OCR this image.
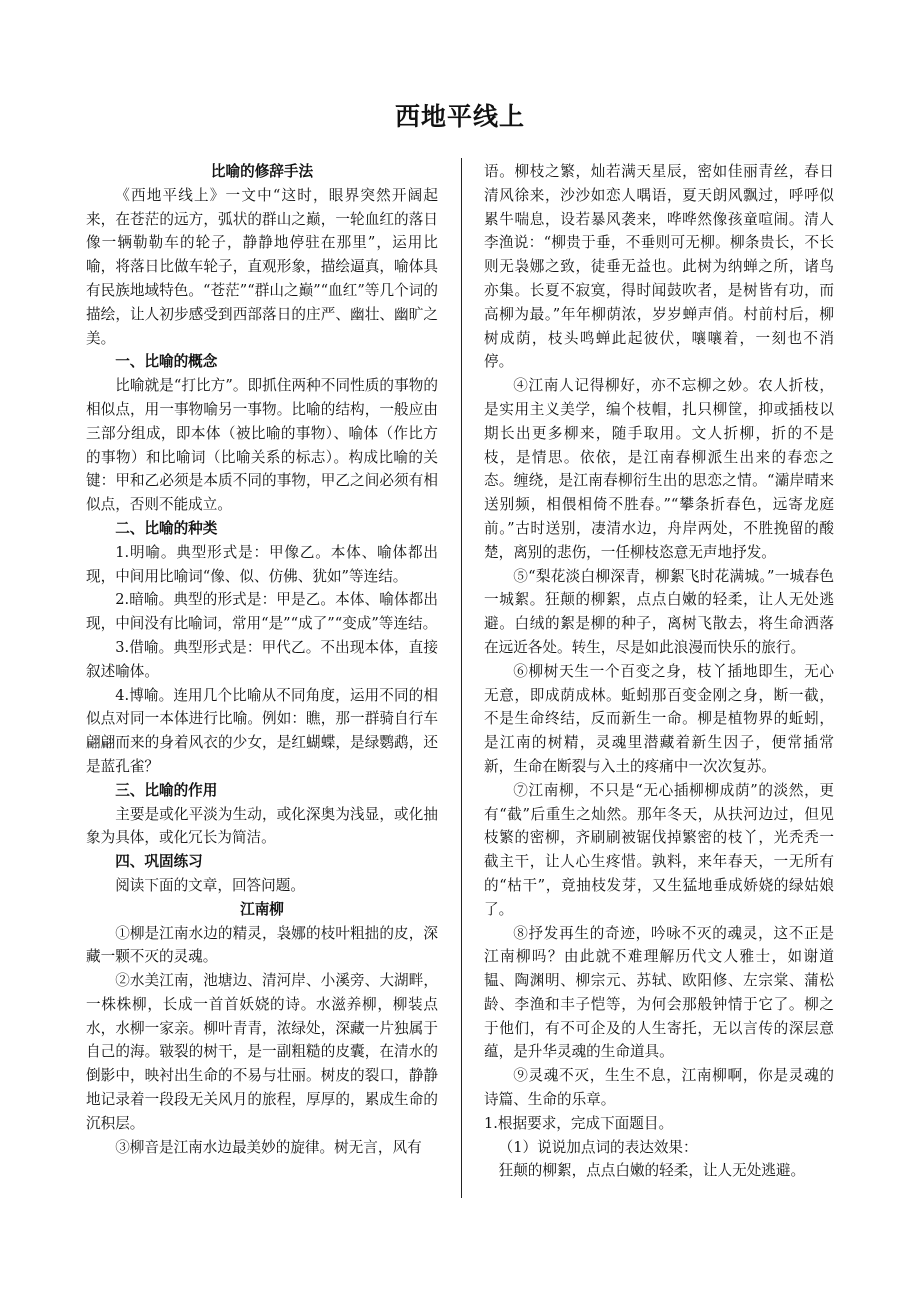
西地平线上

比喻的修辞手法

《西地平线上》一文中“这时，眼界突然开阔起来，在苍茫的远方，弧状的群山之巅，一轮血红的落日像一辆勒勒车的轮子，静静地停驻在那里”，运用比喻，将落日比做车轮子，直观形象，描绘逼真，喻体具有民族地域特色。“苍茫”“群山之巅”“血红”等几个词的描绘，让人初步感受到西部落日的庄严、幽壮、幽旷之美。

一、比喻的概念

比喻就是“打比方”。即抓住两种不同性质的事物的相似点，用一事物喻另一事物。比喻的结构，一般应由三部分组成，即本体（被比喻的事物）、喻体（作比方的事物）和比喻词（比喻关系的标志）。构成比喻的关键：甲和乙必须是本质不同的事物，甲乙之间必须有相似点，否则不能成立。

二、比喻的种类

1.明喻。典型形式是：甲像乙。本体、喻体都出现，中间用比喻词“像、似、仿佛、犹如”等连结。

2.暗喻。典型的形式是：甲是乙。本体、喻体都出现，中间没有比喻词，常用“是”“成了”“变成”等连结。

3.借喻。典型形式是：甲代乙。不出现本体，直接叙述喻体。

4.博喻。连用几个比喻从不同角度，运用不同的相似点对同一本体进行比喻。例如：瞧，那一群骑自行车翩翩而来的身着风衣的少女，是红蝴蝶，是绿鹦鹉，还是蓝孔雀？

三、比喻的作用

主要是或化平淡为生动，或化深奥为浅显，或化抽象为具体，或化冗长为简洁。

四、巩固练习

阅读下面的文章，回答问题。

江南柳

①柳是江南水边的精灵，袅娜的枝叶粗拙的皮，深藏一颗不灭的灵魂。

②水美江南，池塘边、清河岸、小溪旁、大湖畔，一株株柳，长成一首首妖娆的诗。水滋养柳，柳装点水，水柳一家亲。柳叶青青，浓绿处，深藏一片独属于自己的海。皲裂的树干，是一副粗糙的皮囊，在清水的倒影中，映衬出生命的不易与壮丽。树皮的裂口，静静地记录着一段段无关风月的旅程，厚厚的，累成生命的沉积层。

③柳音是江南水边最美妙的旋律。树无言，风有

语。柳枝之繁，灿若满天星辰，密如佳丽青丝，春日清风徐来，沙沙如恋人喁语，夏天朗风飘过，呼呼似累牛喘息，设若暴风袭来，哗哗然像孩童喧闹。清人李渔说：“柳贵于垂，不垂则可无柳。柳条贵长，不长则无袅娜之致，徒垂无益也。此树为纳蝉之所，诸鸟亦集。长夏不寂寞，得时闻鼓吹者，是树皆有功，而高柳为最。”年年柳荫浓，岁岁蝉声俏。村前村后，柳树成荫，枝头鸣蝉此起彼伏，嚷嚷着，一刻也不消停。

④江南人记得柳好，亦不忘柳之妙。农人折枝，是实用主义美学，编个枝帽，扎只柳筐，抑或插枝以期长出更多柳来，随手取用。文人折柳，折的不是枝，是情思。依依，是江南春柳派生出来的春恋之态。缠绕，是江南春柳衍生出的思恋之情。“灞岸晴来送别频，相偎相倚不胜春。”“攀条折春色，远寄龙庭前。”古时送别，凄清水边，舟岸两处，不胜挽留的酸楚，离别的悲伤，一任柳枝恣意无声地抒发。

⑤“梨花淡白柳深青，柳絮飞时花满城。”一城春色一城絮。狂颠的柳絮，点点白嫩的轻柔，让人无处逃避。白绒的絮是柳的种子，离树飞散去，将生命洒落在远近各处。转生，尽是如此浪漫而快乐的旅行。

⑥柳树天生一个百变之身，枝丫插地即生，无心无意，即成荫成林。蚯蚓那百变金刚之身，断一截，不是生命终结，反而新生一命。柳是植物界的蚯蚓，是江南的树精，灵魂里潜藏着新生因子，便常插常新，生命在断裂与入土的疼痛中一次次复苏。

⑦江南柳，不只是“无心插柳柳成荫”的淡然，更有“截”后重生之灿然。那年冬天，从扶河边过，但见枝繁的密柳，齐刷刷被锯伐掉繁密的枝丫，光秃秃一截主干，让人心生疼惜。孰料，来年春天，一无所有的“枯干”，竟抽枝发芽，又生猛地垂成娇娆的绿姑娘了。

⑧抒发再生的奇迹，吟咏不灭的魂灵，这不正是江南柳吗？由此就不难理解历代文人雅士，如谢道韫、陶渊明、柳宗元、苏轼、欧阳修、左宗棠、蒲松龄、李渔和丰子恺等，为何会那般钟情于它了。柳之于他们，有不可企及的人生寄托，无以言传的深层意蕴，是升华灵魂的生命道具。

⑨灵魂不灭，生生不息，江南柳啊，你是灵魂的诗篇、生命的乐章。

1.根据要求，完成下面题目。

（1）说说加点词的表达效果：

狂颠的柳絮，点点白嫩的轻柔，让人无处逃避。
